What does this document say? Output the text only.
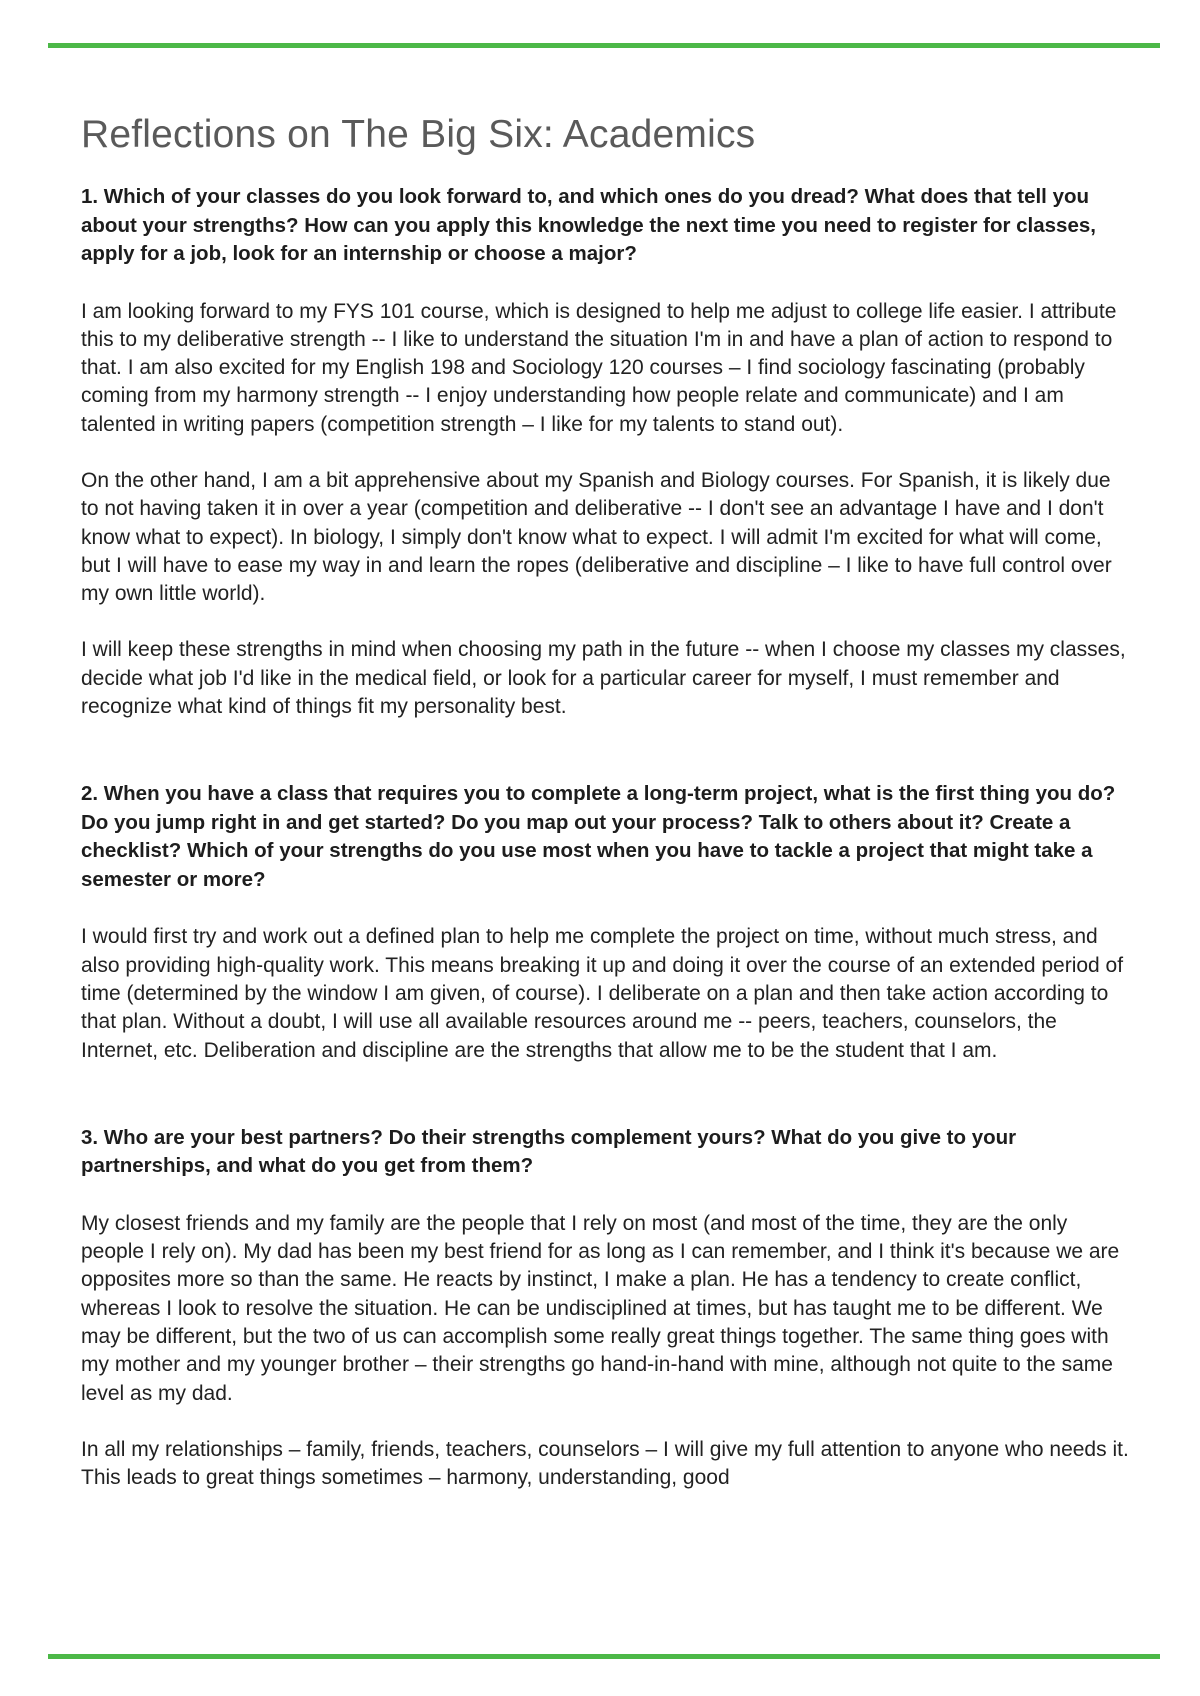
Reflections on The Big Six: Academics

1. Which of your classes do you look forward to, and which ones do you dread? What does that tell you about your strengths? How can you apply this knowledge the next time you need to register for classes, apply for a job, look for an internship or choose a major?

I am looking forward to my FYS 101 course, which is designed to help me adjust to college life easier. I attribute this to my deliberative strength -- I like to understand the situation I'm in and have a plan of action to respond to that. I am also excited for my English 198 and Sociology 120 courses – I find sociology fascinating (probably coming from my harmony strength -- I enjoy understanding how people relate and communicate) and I am talented in writing papers (competition strength – I like for my talents to stand out).

On the other hand, I am a bit apprehensive about my Spanish and Biology courses. For Spanish, it is likely due to not having taken it in over a year (competition and deliberative -- I don't see an advantage I have and I don't know what to expect). In biology, I simply don't know what to expect. I will admit I'm excited for what will come, but I will have to ease my way in and learn the ropes (deliberative and discipline – I like to have full control over my own little world).

I will keep these strengths in mind when choosing my path in the future -- when I choose my classes my classes, decide what job I'd like in the medical field, or look for a particular career for myself, I must remember and recognize what kind of things fit my personality best.

2. When you have a class that requires you to complete a long-term project, what is the first thing you do? Do you jump right in and get started? Do you map out your process? Talk to others about it? Create a checklist? Which of your strengths do you use most when you have to tackle a project that might take a semester or more?

I would first try and work out a defined plan to help me complete the project on time, without much stress, and also providing high-quality work. This means breaking it up and doing it over the course of an extended period of time (determined by the window I am given, of course). I deliberate on a plan and then take action according to that plan. Without a doubt, I will use all available resources around me -- peers, teachers, counselors, the Internet, etc. Deliberation and discipline are the strengths that allow me to be the student that I am.

3. Who are your best partners? Do their strengths complement yours? What do you give to your partnerships, and what do you get from them?

My closest friends and my family are the people that I rely on most (and most of the time, they are the only people I rely on). My dad has been my best friend for as long as I can remember, and I think it's because we are opposites more so than the same. He reacts by instinct, I make a plan. He has a tendency to create conflict, whereas I look to resolve the situation. He can be undisciplined at times, but has taught me to be different. We may be different, but the two of us can accomplish some really great things together. The same thing goes with my mother and my younger brother – their strengths go hand-in-hand with mine, although not quite to the same level as my dad.

In all my relationships – family, friends, teachers, counselors – I will give my full attention to anyone who needs it. This leads to great things sometimes – harmony, understanding, good
